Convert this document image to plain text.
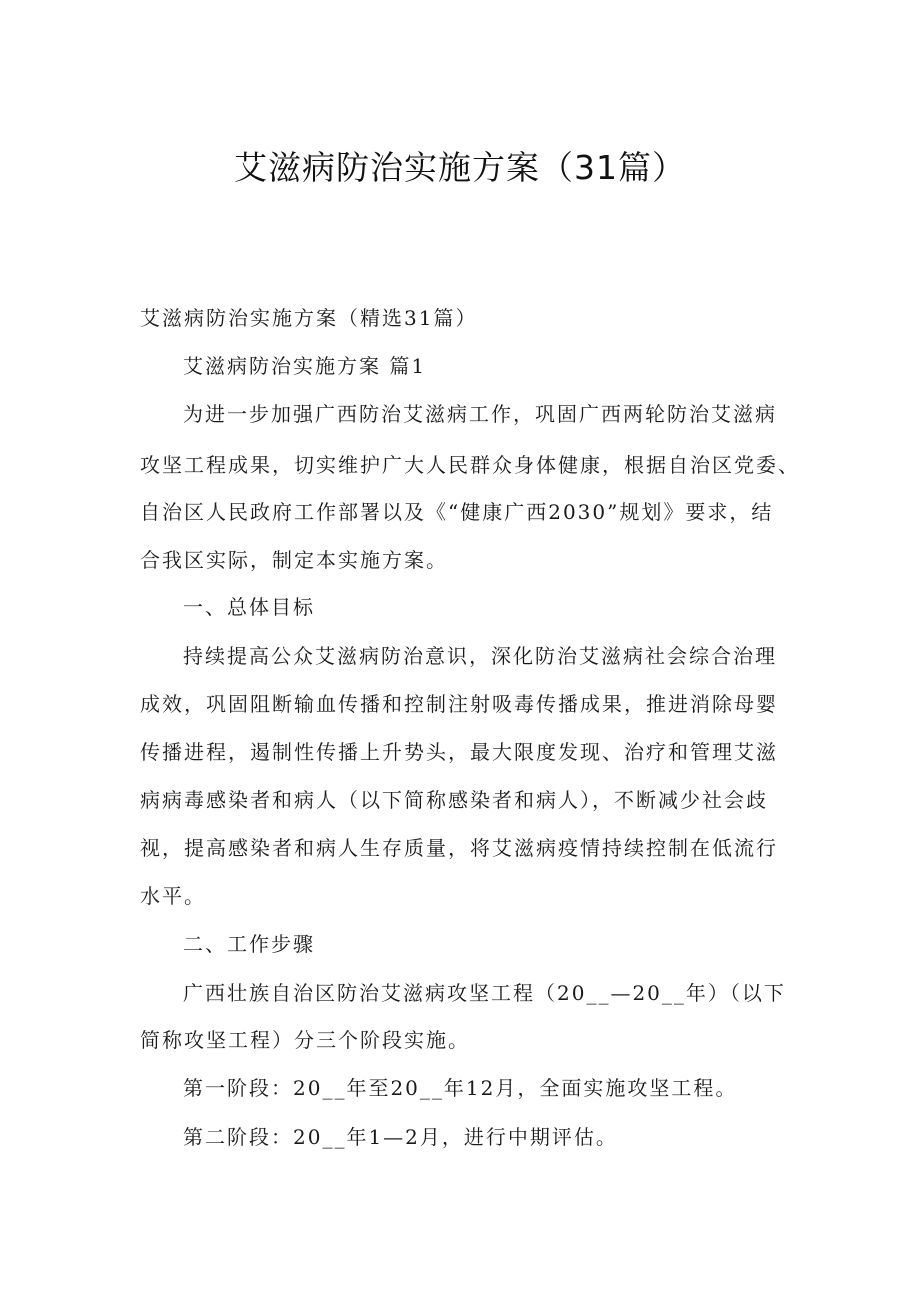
艾滋病防治实施方案（31篇）

艾滋病防治实施方案（精选31篇）

艾滋病防治实施方案 篇1

为进一步加强广西防治艾滋病工作，巩固广西两轮防治艾滋病

攻坚工程成果，切实维护广大人民群众身体健康，根据自治区党委、

自治区人民政府工作部署以及《“健康广西2030”规划》要求，结

合我区实际，制定本实施方案。

一、总体目标

持续提高公众艾滋病防治意识，深化防治艾滋病社会综合治理

成效，巩固阻断输血传播和控制注射吸毒传播成果，推进消除母婴

传播进程，遏制性传播上升势头，最大限度发现、治疗和管理艾滋

病病毒感染者和病人（以下简称感染者和病人），不断减少社会歧

视，提高感染者和病人生存质量，将艾滋病疫情持续控制在低流行

水平。

二、工作步骤

广西壮族自治区防治艾滋病攻坚工程（20__—20__年）（以下

简称攻坚工程）分三个阶段实施。

第一阶段：20__年至20__年12月，全面实施攻坚工程。

第二阶段：20__年1—2月，进行中期评估。
